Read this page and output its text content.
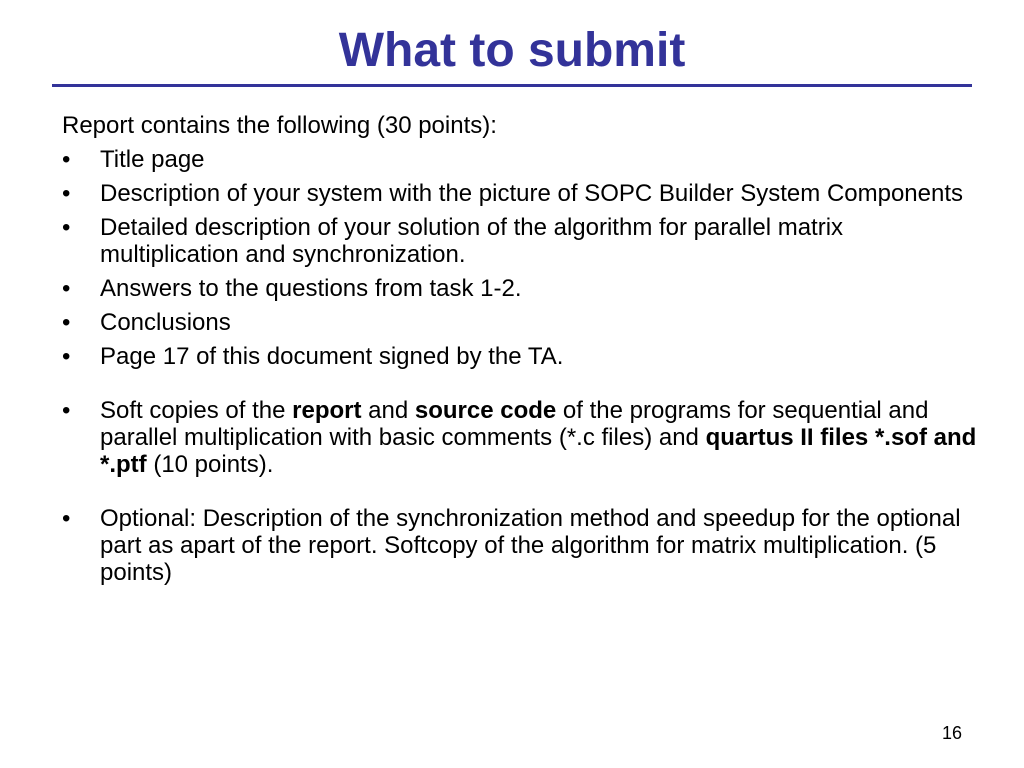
What to submit

Report contains the following (30 points):

•	Title page
•	Description of your system with the picture of SOPC Builder System Components
•	Detailed description of your solution of the algorithm for parallel matrix multiplication and synchronization.
•	Answers to the questions from task 1-2.
•	Conclusions
•	Page 17 of this document signed by the TA.
•	Soft copies of the report and source code of the programs for sequential and parallel multiplication with basic comments (*.c files) and quartus II files *.sof and *.ptf (10 points).
•	Optional: Description of the synchronization method and speedup for the optional part as apart of the report. Softcopy of the algorithm for matrix multiplication. (5 points)
16
